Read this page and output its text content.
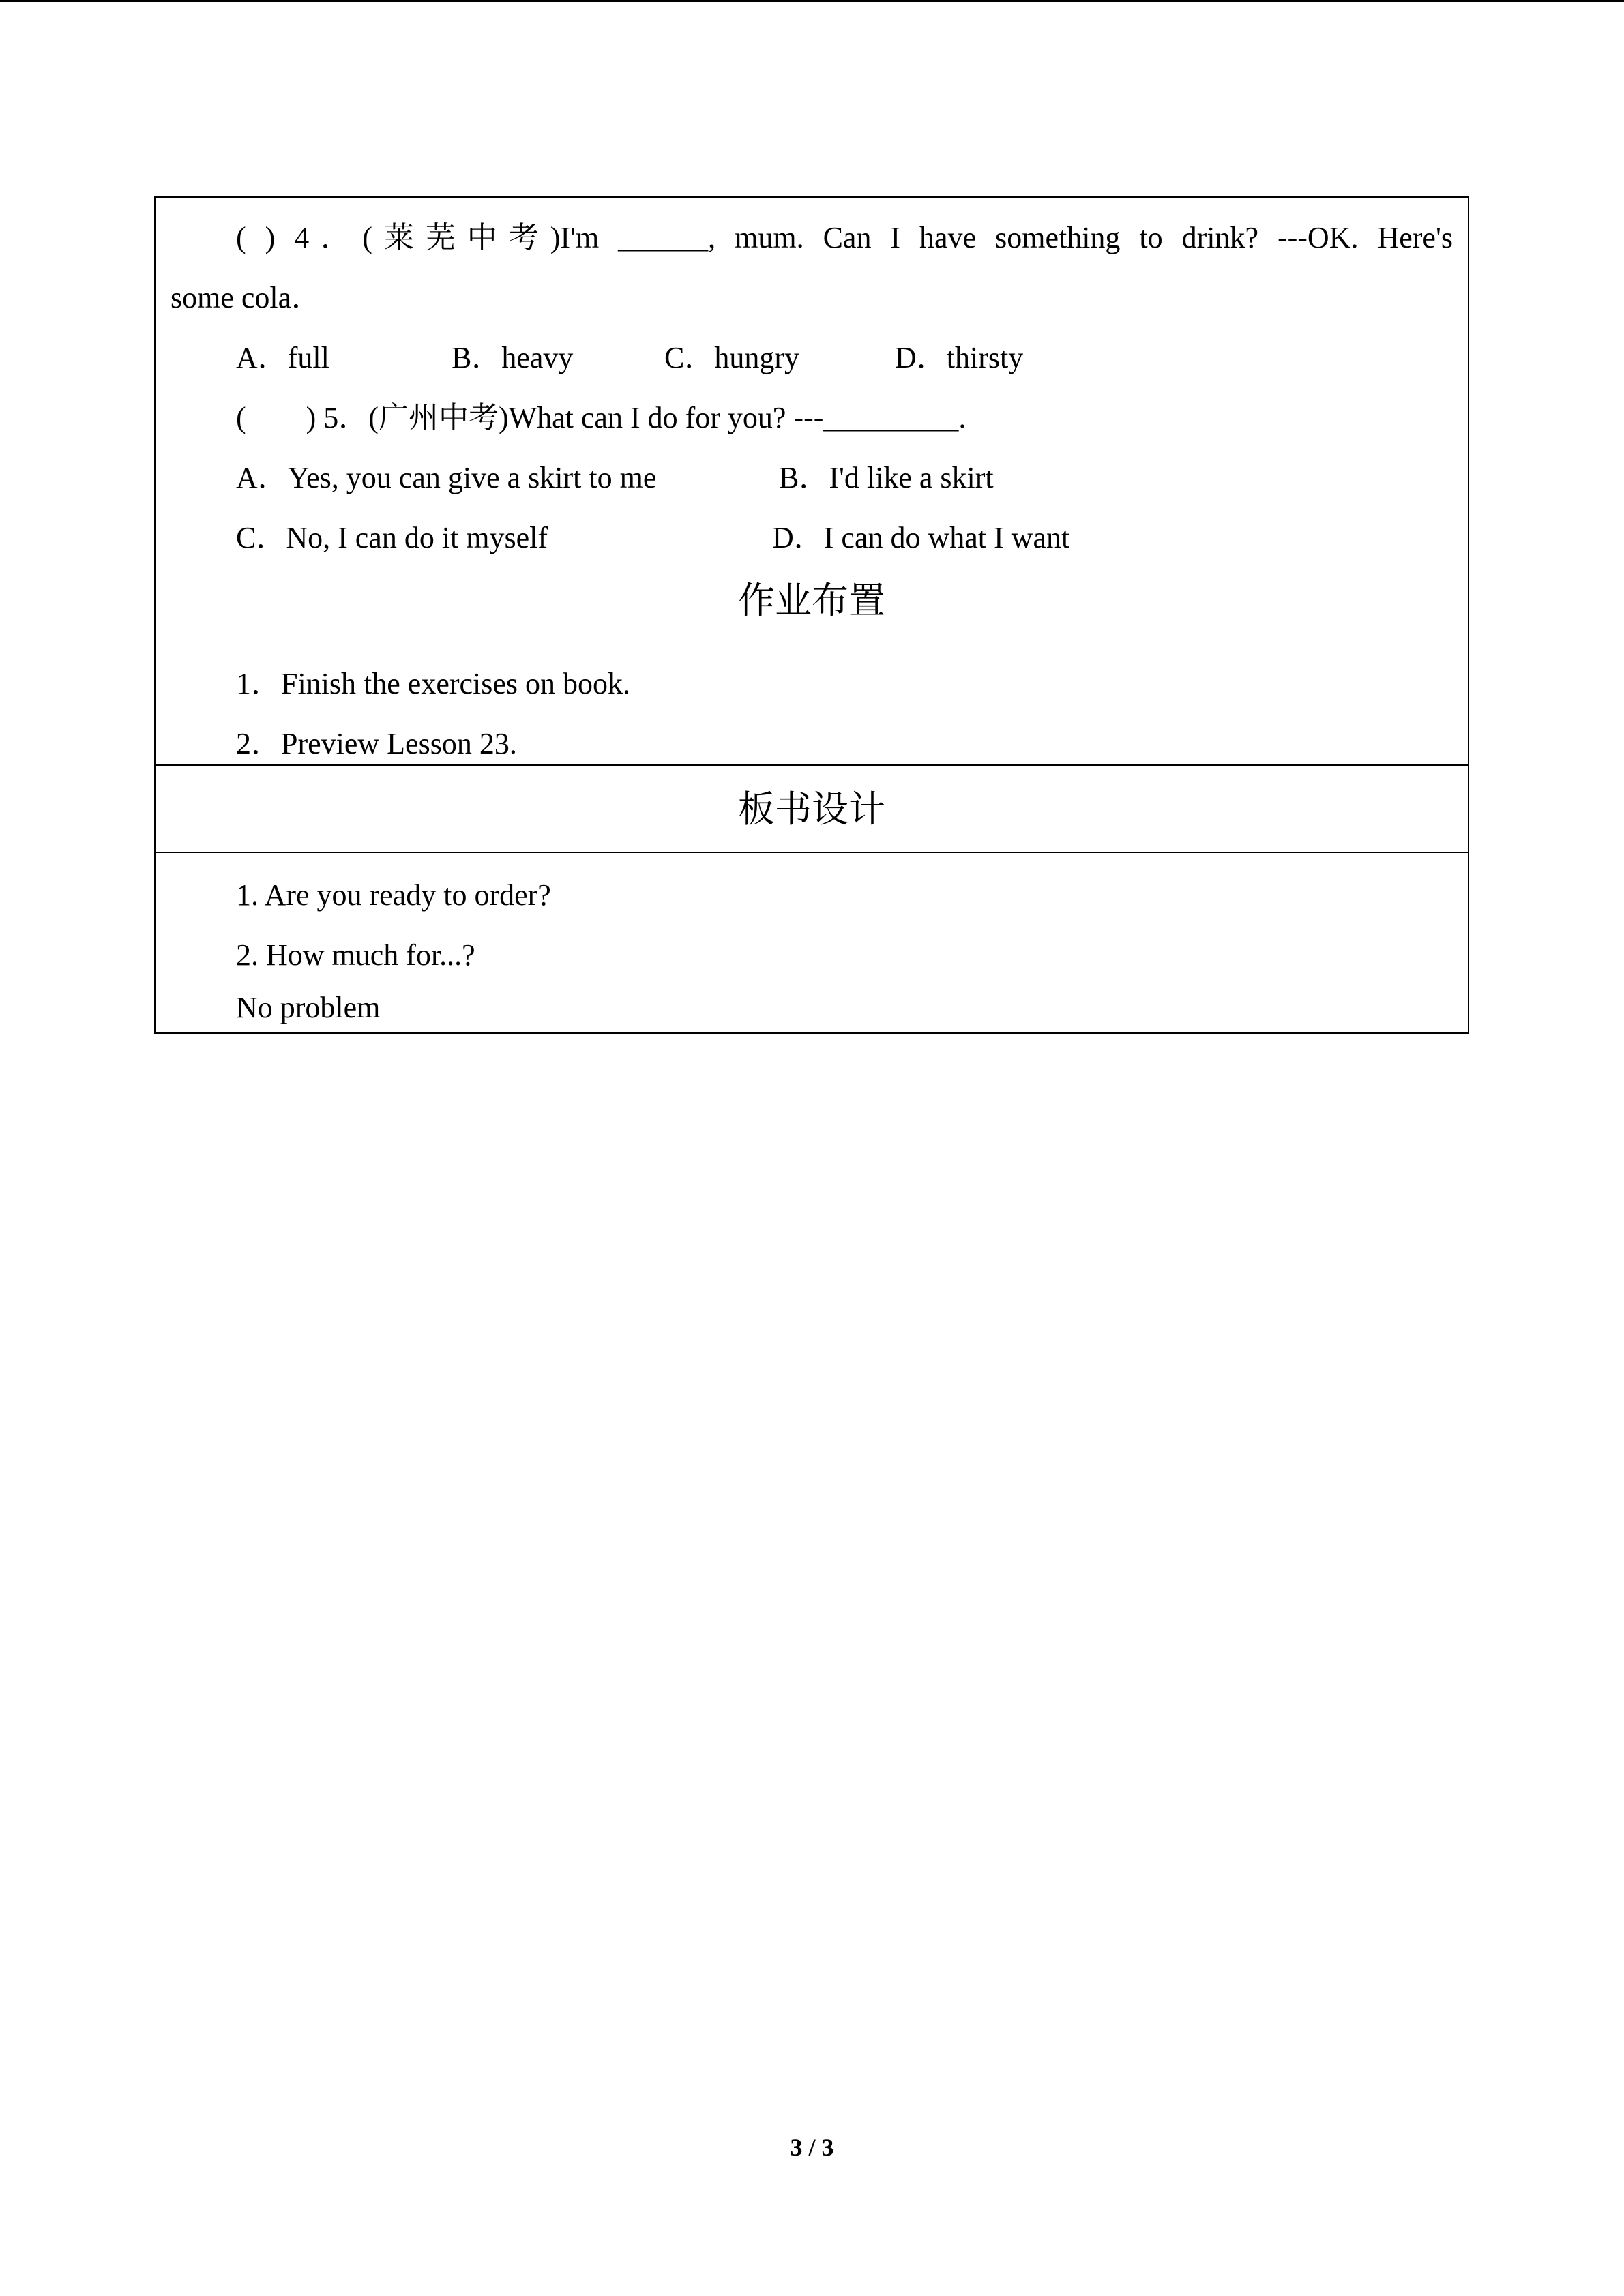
( ) 4．(莱芜中考)I'm ______, mum. Can I have something to drink? ---OK. Here's
some cola．

A．full

	B．heavy

	C．hungry

	D．thirsty

(        ) 5．(广州中考)What can I do for you? ---_________.

A．Yes, you can give a skirt to me

	B．I'd like a skirt

C．No, I can do it myself

	D．I can do what I want

作业布置
1．Finish the exercises on book.
2．Preview Lesson 23.
板书设计
1. Are you ready to order?
2. How much for...?
No problem
3 / 3
